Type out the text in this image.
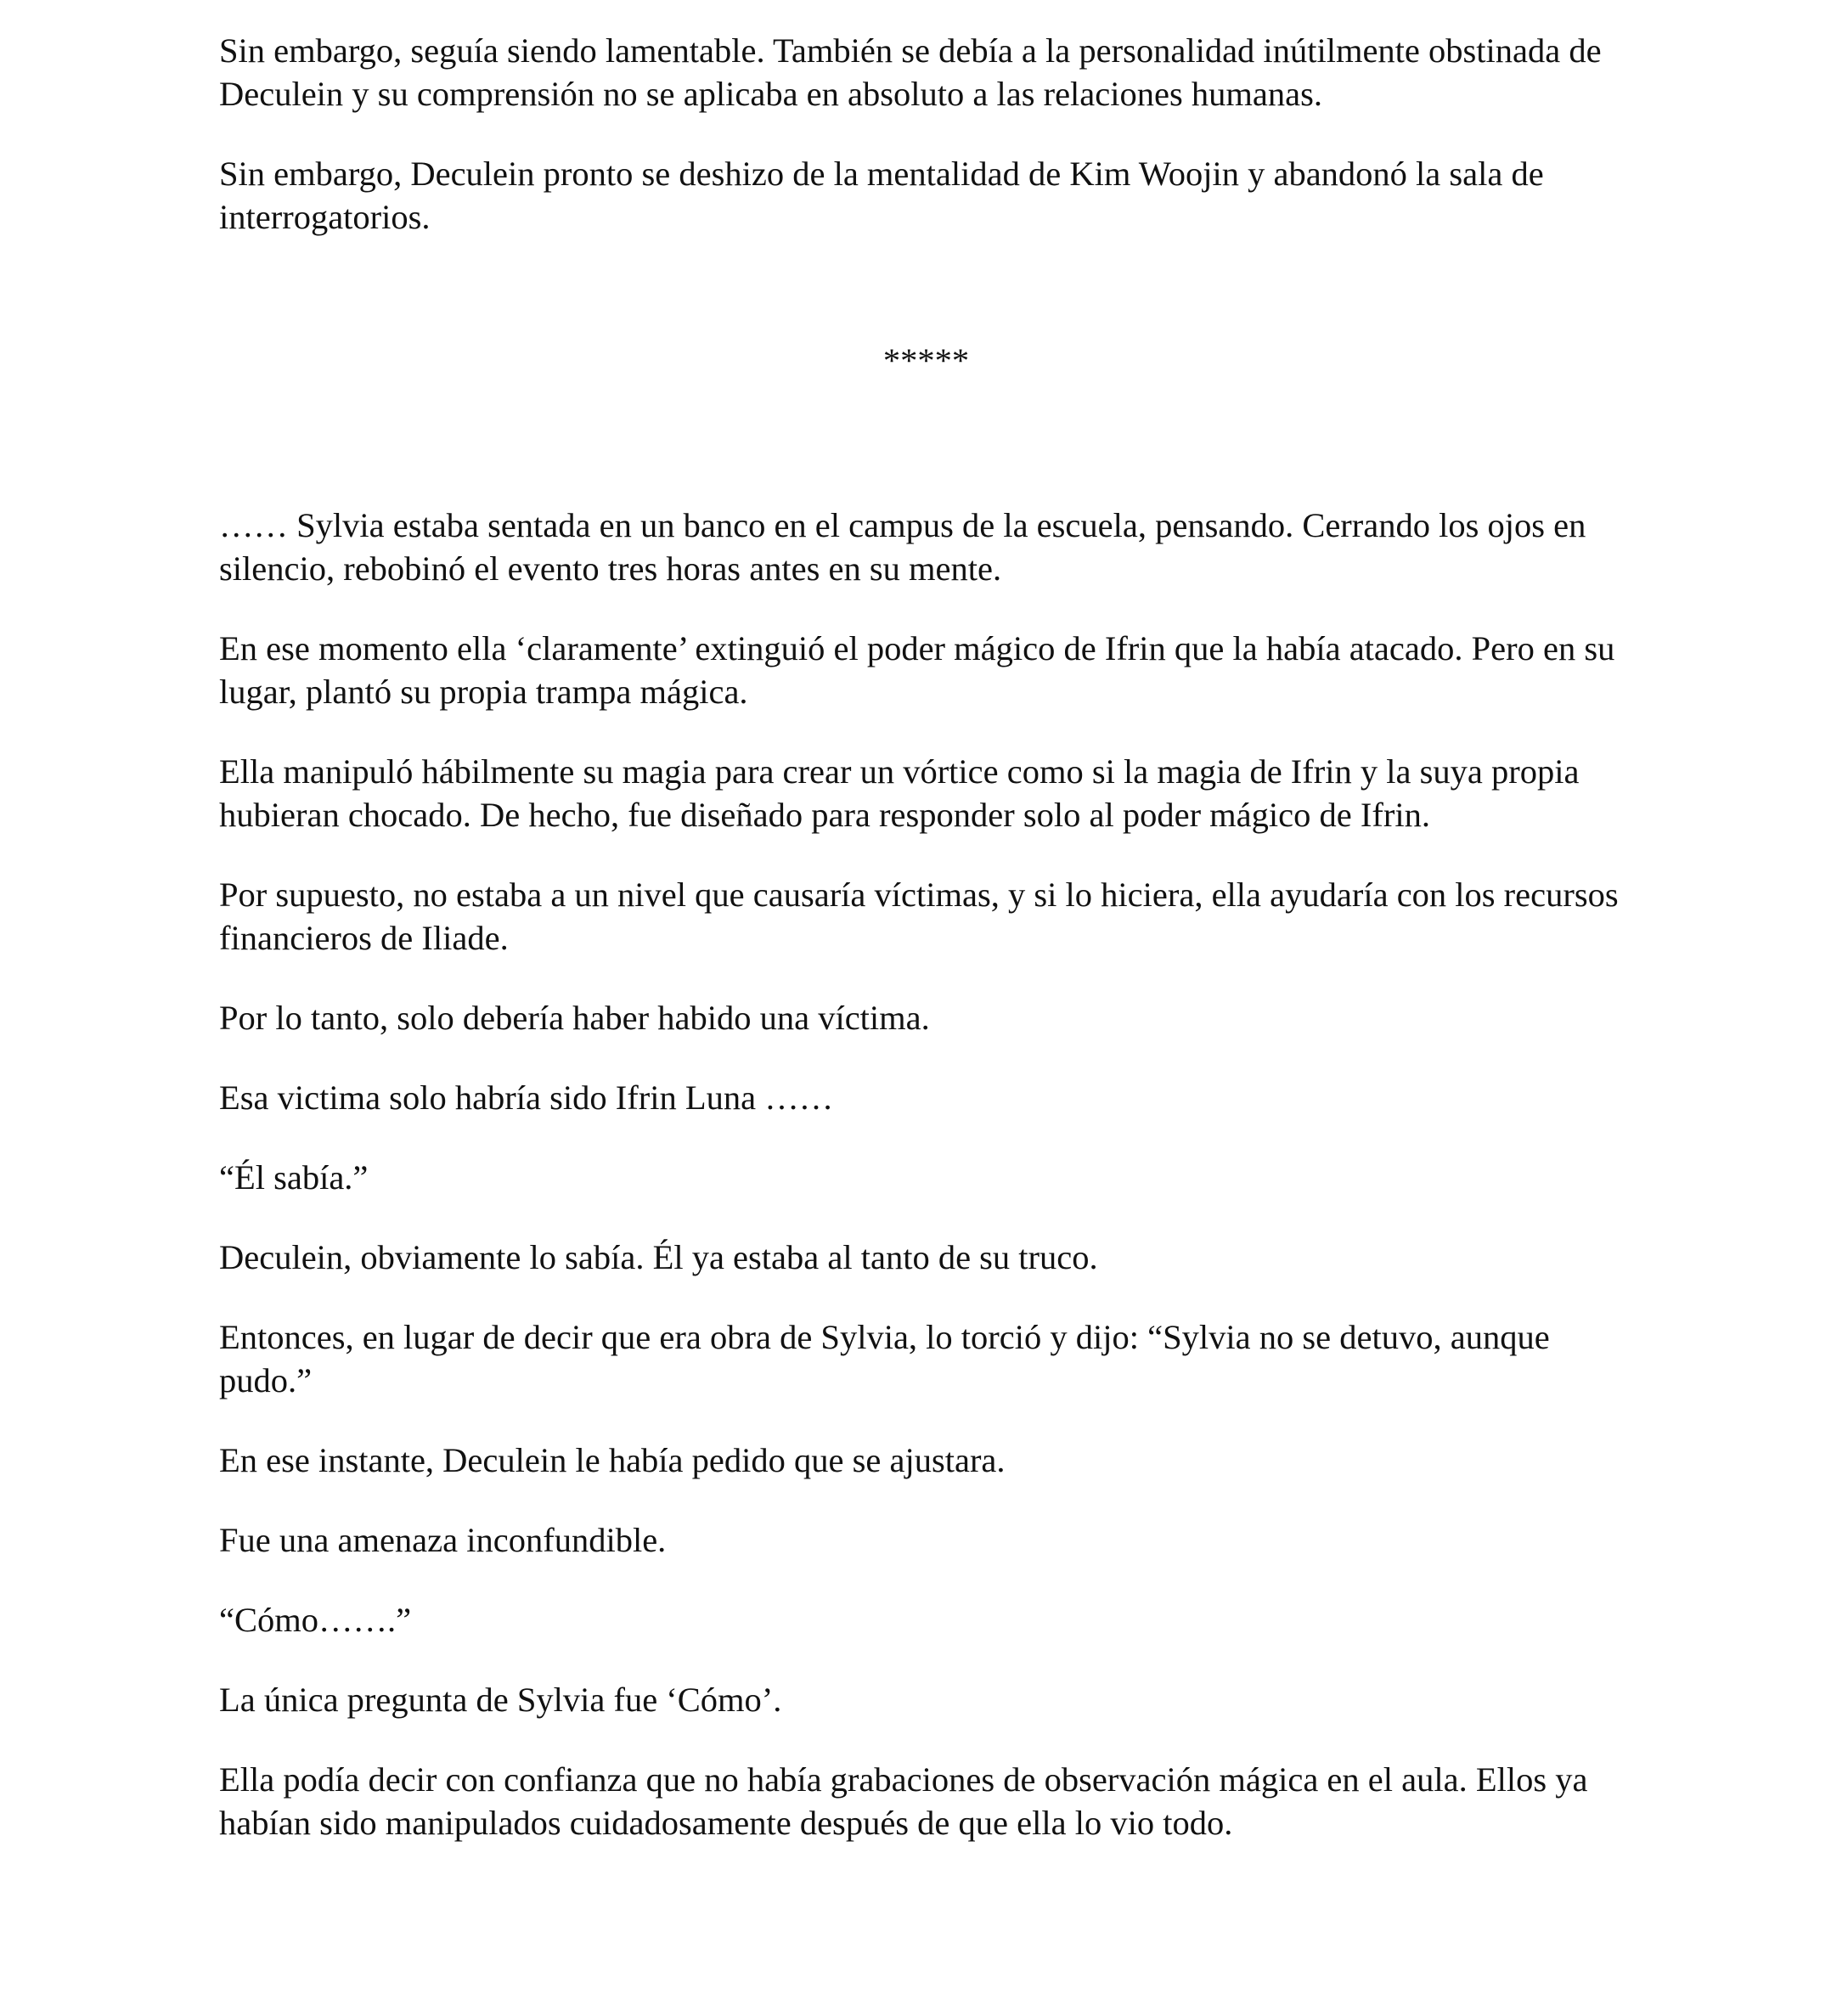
Sin embargo, seguía siendo lamentable. También se debía a la personalidad inútilmente obstinada de Deculein y su comprensión no se aplicaba en absoluto a las relaciones humanas.

Sin embargo, Deculein pronto se deshizo de la mentalidad de Kim Woojin y abandonó la sala de interrogatorios.

*****

…… Sylvia estaba sentada en un banco en el campus de la escuela, pensando. Cerrando los ojos en silencio, rebobinó el evento tres horas antes en su mente.

En ese momento ella ‘claramente’ extinguió el poder mágico de Ifrin que la había atacado. Pero en su lugar, plantó su propia trampa mágica.

Ella manipuló hábilmente su magia para crear un vórtice como si la magia de Ifrin y la suya propia hubieran chocado. De hecho, fue diseñado para responder solo al poder mágico de Ifrin.

Por supuesto, no estaba a un nivel que causaría víctimas, y si lo hiciera, ella ayudaría con los recursos financieros de Iliade.

Por lo tanto, solo debería haber habido una víctima.

Esa victima solo habría sido Ifrin Luna ……

“Él sabía.”

Deculein, obviamente lo sabía. Él ya estaba al tanto de su truco.

Entonces, en lugar de decir que era obra de Sylvia, lo torció y dijo: “Sylvia no se detuvo, aunque pudo.”

En ese instante, Deculein le había pedido que se ajustara.

Fue una amenaza inconfundible.

“Cómo…….”

La única pregunta de Sylvia fue ‘Cómo’.

Ella podía decir con confianza que no había grabaciones de observación mágica en el aula. Ellos ya habían sido manipulados cuidadosamente después de que ella lo vio todo.
